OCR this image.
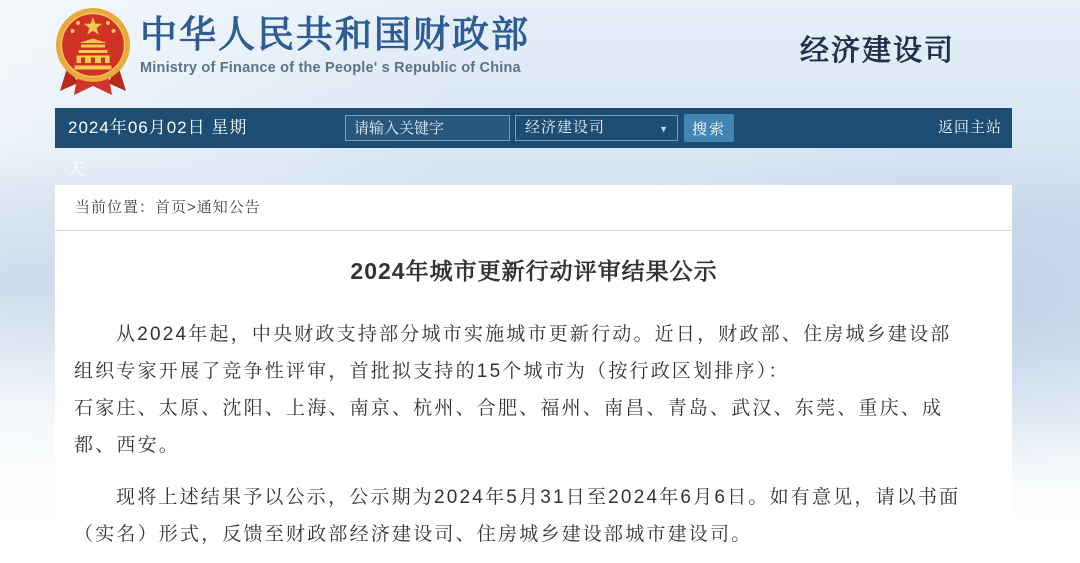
中华人民共和国财政部
Ministry of Finance of the People' s Republic of China
经济建设司
2024年06月02日 星期
天
请输入关键字
经济建设司	▼	搜索	返回主站
当前位置：首页>通知公告
2024年城市更新行动评审结果公示

从2024年起，中央财政支持部分城市实施城市更新行动。近日，财政部、住房城乡建设部
组织专家开展了竞争性评审，首批拟支持的15个城市为（按行政区划排序）：

石家庄、太原、沈阳、上海、南京、杭州、合肥、福州、南昌、青岛、武汉、东莞、重庆、成
都、西安。

现将上述结果予以公示，公示期为2024年5月31日至2024年6月6日。如有意见，请以书面
（实名）形式，反馈至财政部经济建设司、住房城乡建设部城市建设司。
